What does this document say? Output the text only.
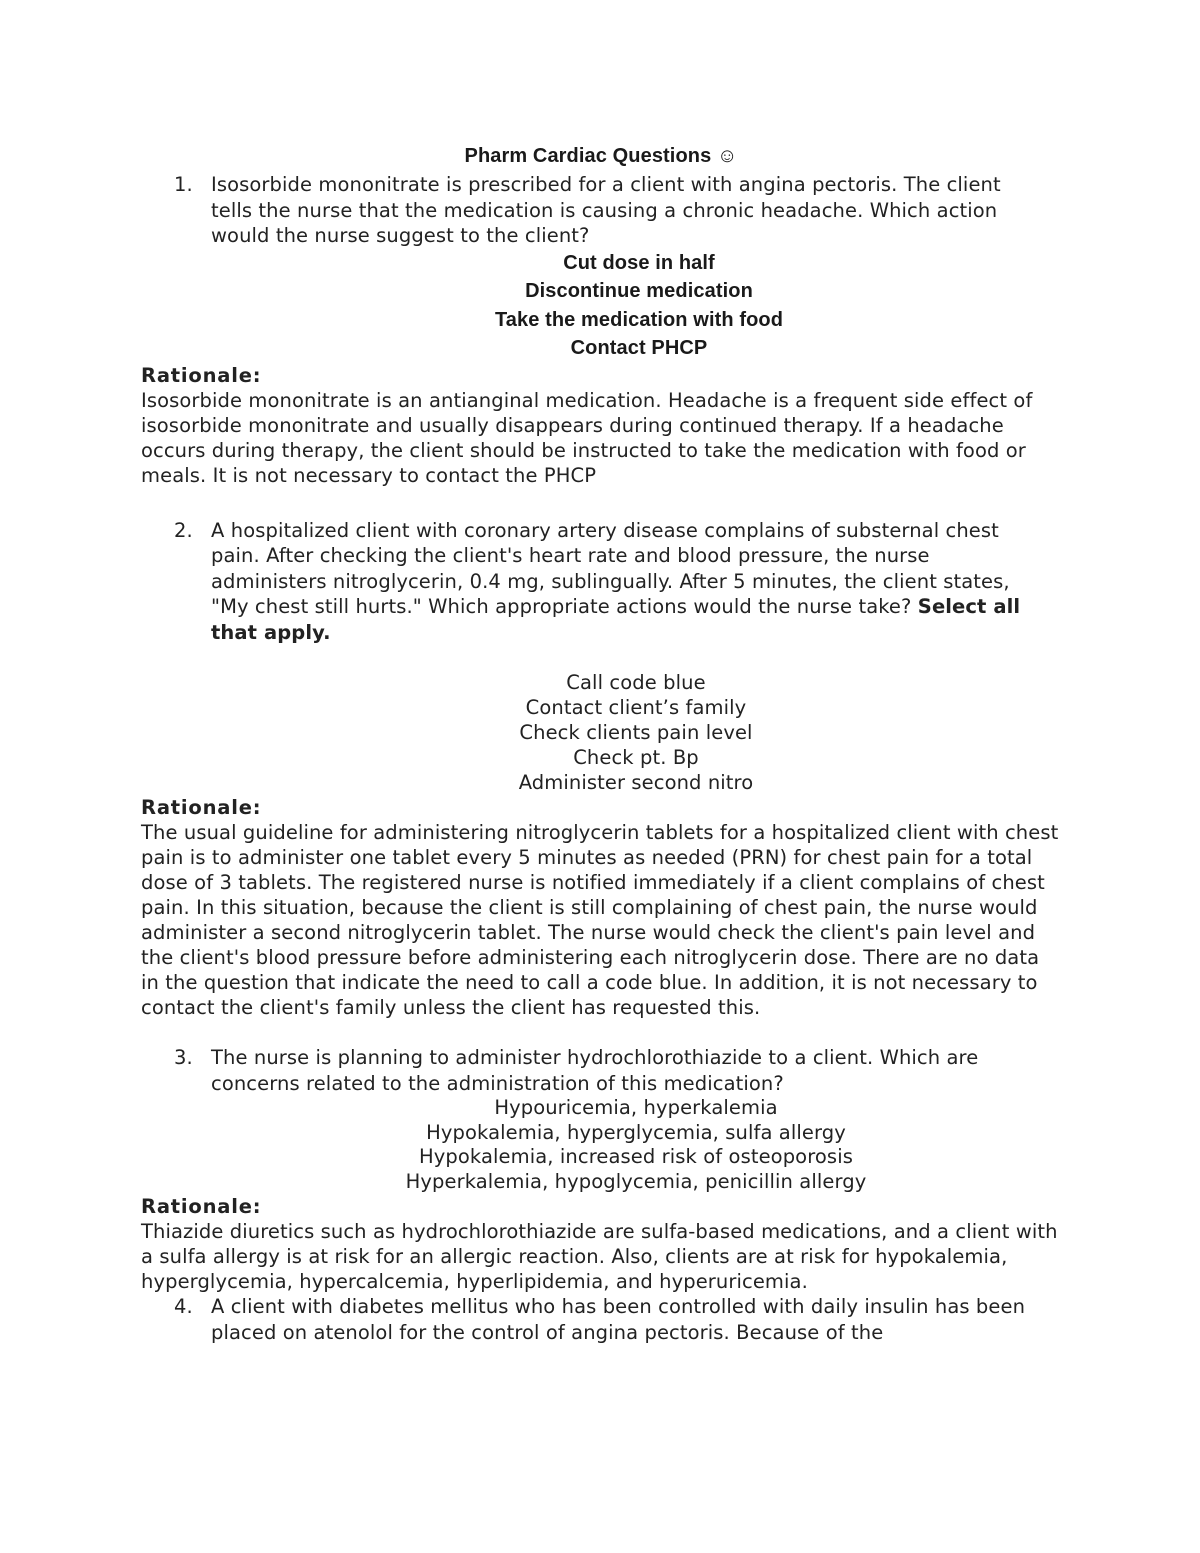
Pharm Cardiac Questions ☺
1. Isosorbide mononitrate is prescribed for a client with angina pectoris. The client tells the nurse that the medication is causing a chronic headache. Which action would the nurse suggest to the client?
Cut dose in half
Discontinue medication
Take the medication with food
Contact PHCP
Rationale:
Isosorbide mononitrate is an antianginal medication. Headache is a frequent side effect of isosorbide mononitrate and usually disappears during continued therapy. If a headache occurs during therapy, the client should be instructed to take the medication with food or meals. It is not necessary to contact the PHCP
2. A hospitalized client with coronary artery disease complains of substernal chest pain. After checking the client's heart rate and blood pressure, the nurse administers nitroglycerin, 0.4 mg, sublingually. After 5 minutes, the client states, "My chest still hurts." Which appropriate actions would the nurse take? Select all that apply.
Call code blue
Contact client’s family
Check clients pain level
Check pt. Bp
Administer second nitro
Rationale:
The usual guideline for administering nitroglycerin tablets for a hospitalized client with chest pain is to administer one tablet every 5 minutes as needed (PRN) for chest pain for a total dose of 3 tablets. The registered nurse is notified immediately if a client complains of chest pain. In this situation, because the client is still complaining of chest pain, the nurse would administer a second nitroglycerin tablet. The nurse would check the client's pain level and the client's blood pressure before administering each nitroglycerin dose. There are no data in the question that indicate the need to call a code blue. In addition, it is not necessary to contact the client's family unless the client has requested this.
3. The nurse is planning to administer hydrochlorothiazide to a client. Which are concerns related to the administration of this medication?
Hypouricemia, hyperkalemia
Hypokalemia, hyperglycemia, sulfa allergy
Hypokalemia, increased risk of osteoporosis
Hyperkalemia, hypoglycemia, penicillin allergy
Rationale:
Thiazide diuretics such as hydrochlorothiazide are sulfa-based medications, and a client with a sulfa allergy is at risk for an allergic reaction. Also, clients are at risk for hypokalemia, hyperglycemia, hypercalcemia, hyperlipidemia, and hyperuricemia.
4. A client with diabetes mellitus who has been controlled with daily insulin has been placed on atenolol for the control of angina pectoris. Because of the
